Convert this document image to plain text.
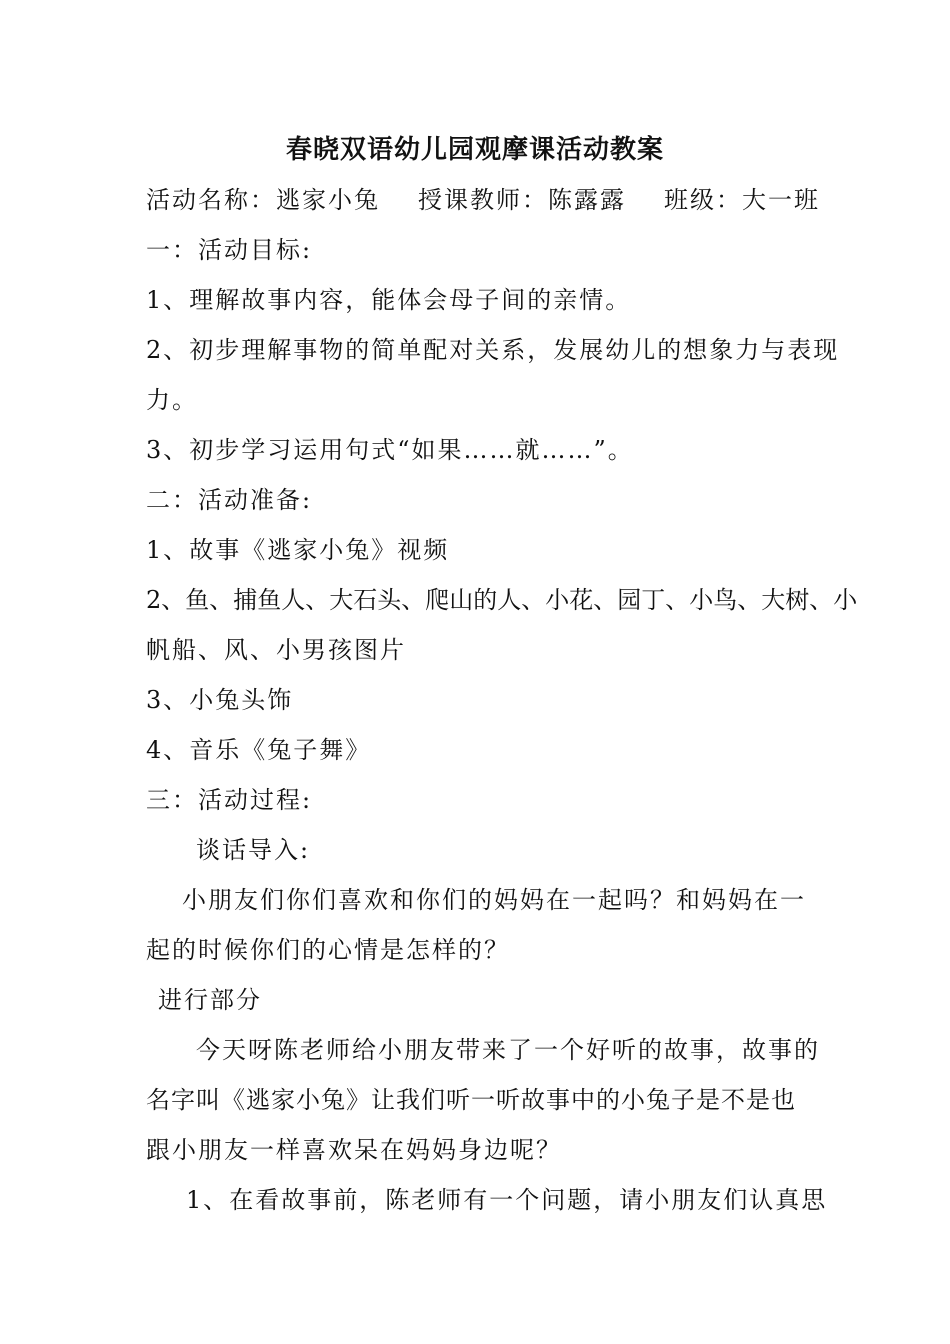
春晓双语幼儿园观摩课活动教案
活动名称：逃家小兔 授课教师：陈露露 班级：大一班
一：活动目标:
1、理解故事内容，能体会母子间的亲情。
2、初步理解事物的简单配对关系，发展幼儿的想象力与表现
力。
3、初步学习运用句式“如果……就……”。
二：活动准备:
1、故事《逃家小兔》视频
2、鱼、捕鱼人、大石头、爬山的人、小花、园丁、小鸟、大树、小
帆船、风、小男孩图片
3、小兔头饰
4、音乐《兔子舞》
三：活动过程:
谈话导入:
小朋友们你们喜欢和你们的妈妈在一起吗？和妈妈在一
起的时候你们的心情是怎样的？
进行部分
今天呀陈老师给小朋友带来了一个好听的故事，故事的
名字叫《逃家小兔》让我们听一听故事中的小兔子是不是也
跟小朋友一样喜欢呆在妈妈身边呢？
1、在看故事前，陈老师有一个问题，请小朋友们认真思
